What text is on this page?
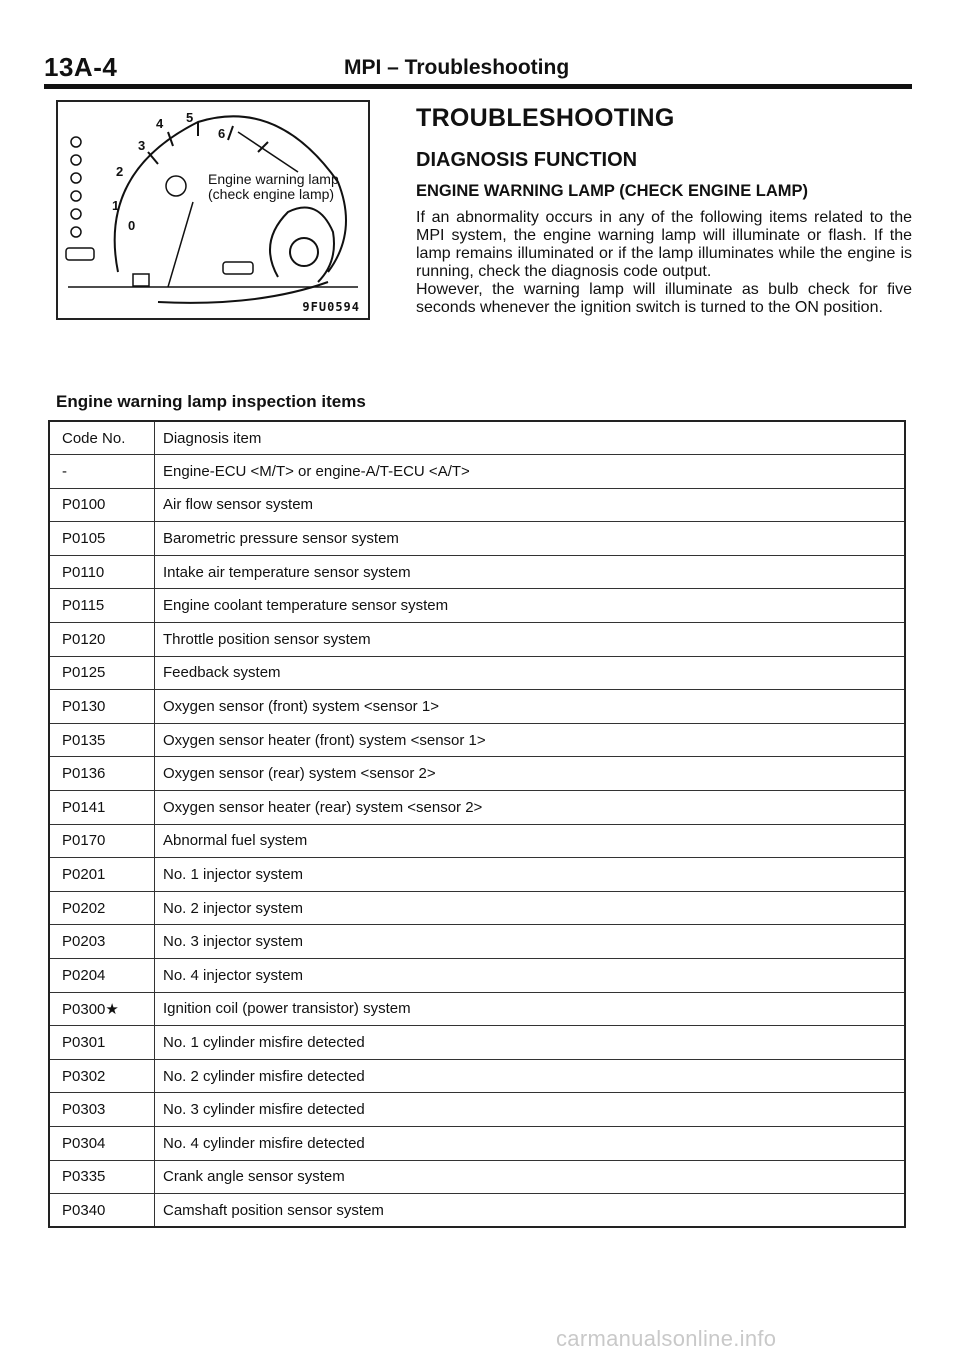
13A-4	MPI – Troubleshooting
3
4 5
6
2
1
0
Engine warning lamp (check engine lamp)
9FU0594
TROUBLESHOOTING
DIAGNOSIS FUNCTION
ENGINE WARNING LAMP (CHECK ENGINE LAMP)

If an abnormality occurs in any of the following items related to the MPI system, the engine warning lamp will illuminate or flash. If the lamp remains illuminated or if the lamp illuminates while the engine is running, check the diagnosis code output.

However, the warning lamp will illuminate as bulb check for five seconds whenever the ignition switch is turned to the ON position.

Engine warning lamp inspection items
Code No.	Diagnosis item
-	Engine-ECU <M/T> or engine-A/T-ECU <A/T>
P0100	Air flow sensor system
P0105	Barometric pressure sensor system
P0110	Intake air temperature sensor system
P0115	Engine coolant temperature sensor system
P0120	Throttle position sensor system
P0125	Feedback system
P0130	Oxygen sensor (front) system <sensor 1>
P0135	Oxygen sensor heater (front) system <sensor 1>
P0136	Oxygen sensor (rear) system <sensor 2>
P0141	Oxygen sensor heater (rear) system <sensor 2>
P0170	Abnormal fuel system
P0201	No. 1 injector system
P0202	No. 2 injector system
P0203	No. 3 injector system
P0204	No. 4 injector system
P0300★	Ignition coil (power transistor) system
P0301	No. 1 cylinder misfire detected
P0302	No. 2 cylinder misfire detected
P0303	No. 3 cylinder misfire detected
P0304	No. 4 cylinder misfire detected
P0335	Crank angle sensor system
P0340	Camshaft position sensor system
carmanualsonline.info
